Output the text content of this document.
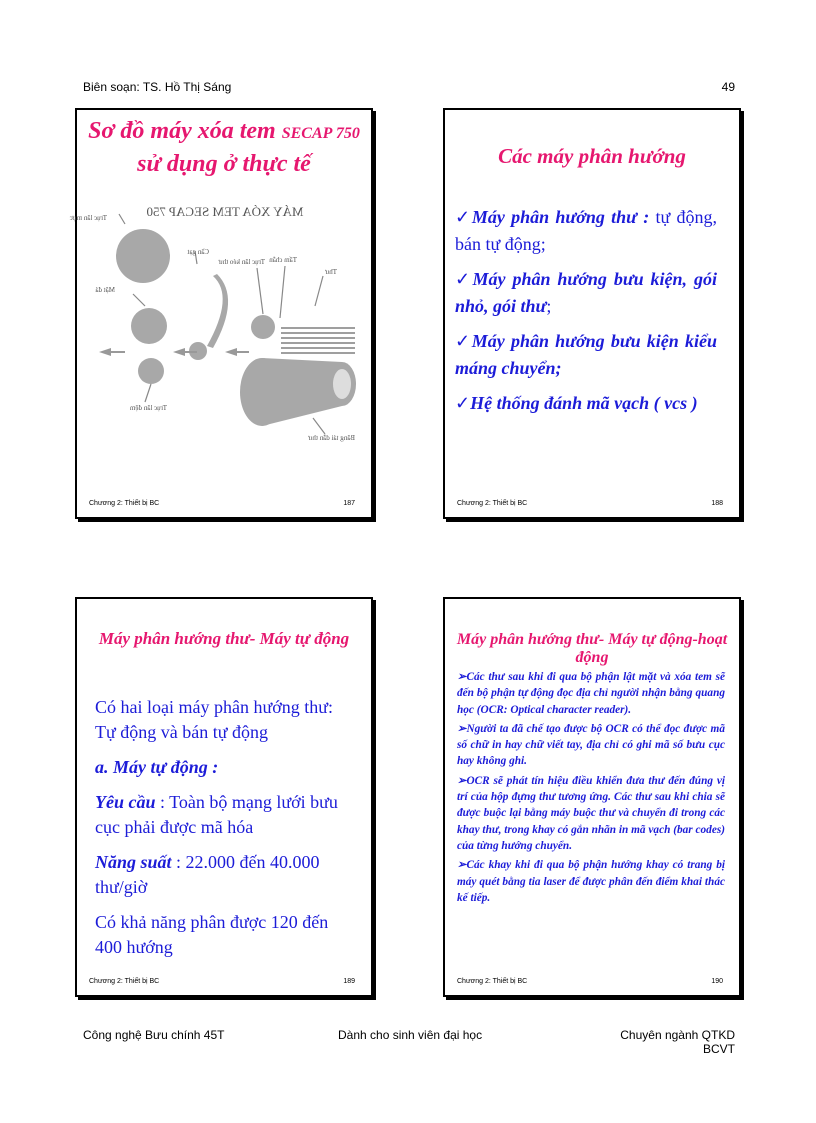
Biên soạn: TS. Hồ Thị Sáng	49
Sơ đồ máy xóa tem SECAP 750 sử dụng ở thực tế
MÁY XÓA TEM SECAP 750
Trục lăn mực
Mặt đá
Trục lăn đệm
Cần gạt
Trục lăn kéo thư Tấm chắn
Thư
Băng tải dẫn thư
Chương 2: Thiết bị BC	187
Các máy phân hướng

✓Máy phân hướng thư : tự động, bán tự động;

✓Máy phân hướng bưu kiện, gói nhỏ, gói thư;

✓Máy phân hướng bưu kiện kiểu máng chuyển;

✓Hệ thống đánh mã vạch ( vcs )

Chương 2: Thiết bị BC	188
Máy phân hướng thư- Máy tự động

Có hai loại máy phân hướng thư: Tự động và bán tự động

a. Máy tự động :

Yêu cầu : Toàn bộ mạng lưới bưu cục phải được mã hóa

Năng suất : 22.000 đến 40.000 thư/giờ

Có khả năng phân được 120 đến 400 hướng

Chương 2: Thiết bị BC	189
Máy phân hướng thư- Máy tự động-hoạt động

➢Các thư sau khi đi qua bộ phận lật mặt và xóa tem sẽ đến bộ phận tự động đọc địa chỉ người nhận bằng quang học (OCR: Optical character reader).

➢Người ta đã chế tạo được bộ OCR có thể đọc được mã số chữ in hay chữ viết tay, địa chỉ có ghi mã số bưu cục hay không ghi.

➢OCR sẽ phát tín hiệu điều khiển đưa thư đến đúng vị trí của hộp đựng thư tương ứng. Các thư sau khi chia sẽ được buộc lại bằng máy buộc thư và chuyển đi trong các khay thư, trong khay có gắn nhãn in mã vạch (bar codes) của từng hướng chuyển.

➢Các khay khi đi qua bộ phận hướng khay có trang bị máy quét bằng tia laser để được phân đến điểm khai thác kế tiếp.

Chương 2: Thiết bị BC	190
Công nghệ Bưu chính 45T	Dành cho sinh viên đại học	Chuyên ngành QTKD BCVT
